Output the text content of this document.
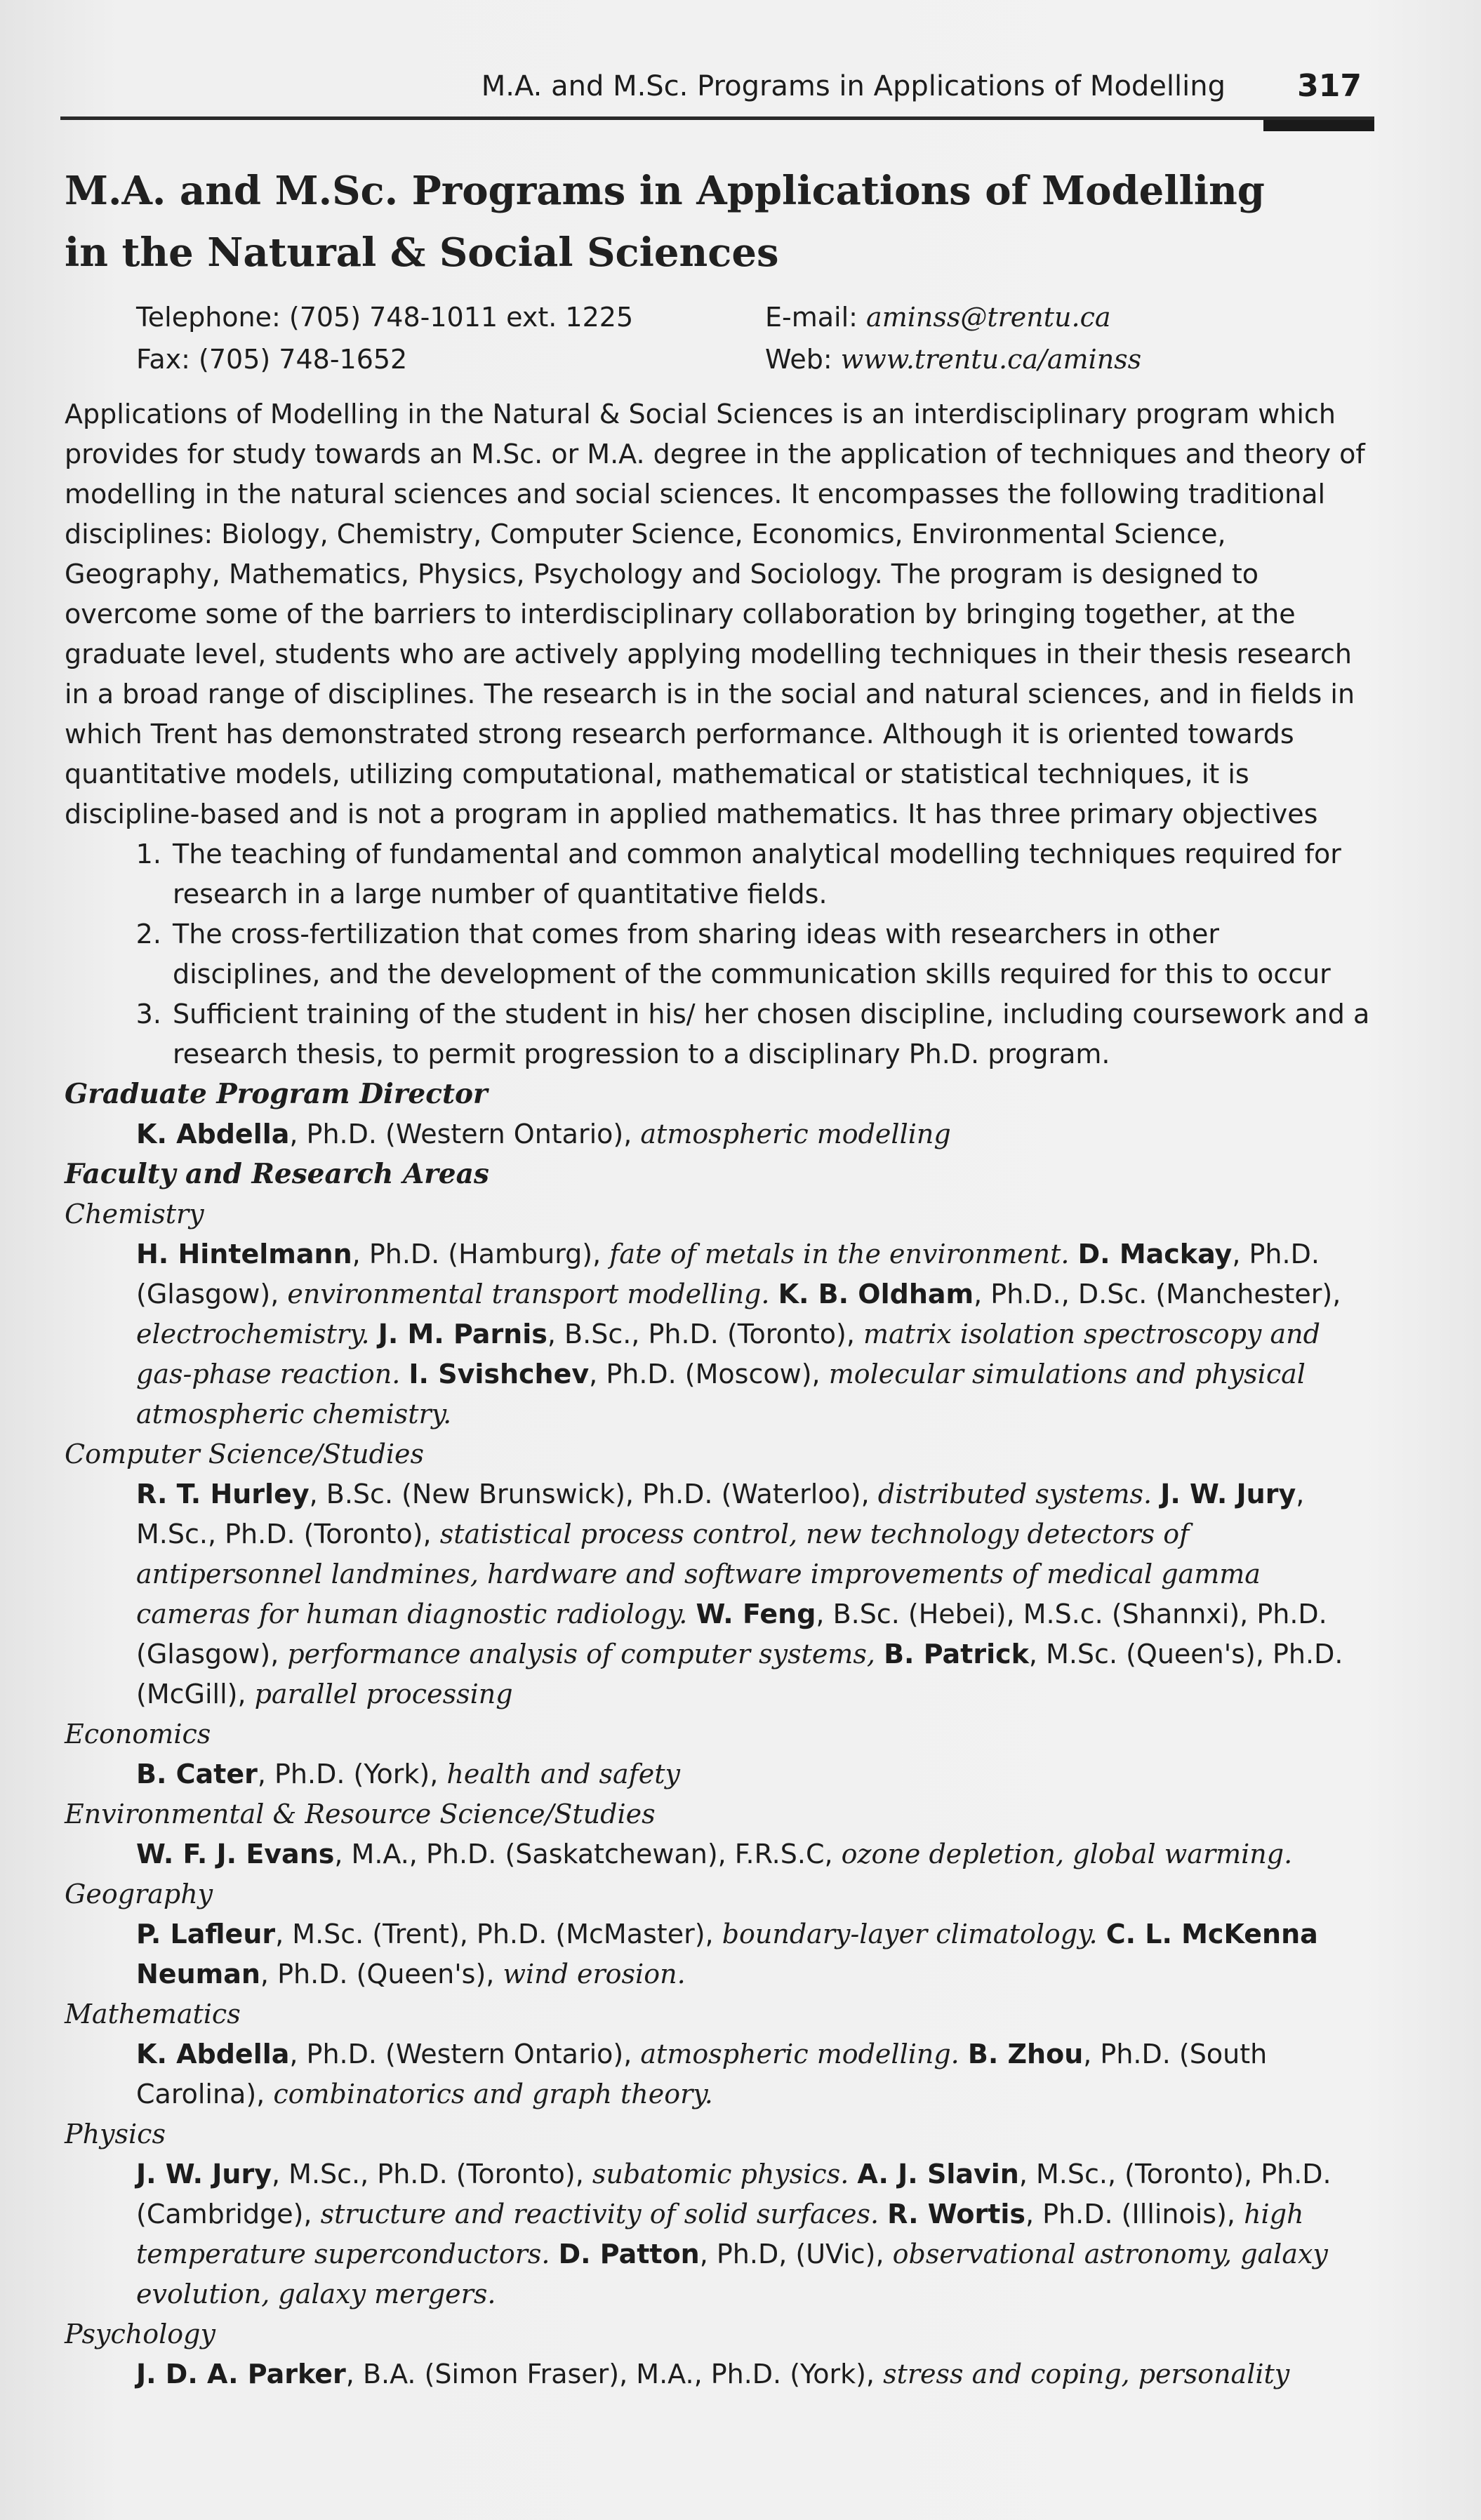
M.A. and M.Sc. Programs in Applications of Modelling 317
M.A. and M.Sc. Programs in Applications of Modelling
in the Natural & Social Sciences
Telephone: (705) 748-1011 ext. 1225
Fax: (705) 748-1652
E-mail: aminss@trentu.ca
Web: www.trentu.ca/aminss

Applications of Modelling in the Natural & Social Sciences is an interdisciplinary program which provides for study towards an M.Sc. or M.A. degree in the application of techniques and theory of modelling in the natural sciences and social sciences. It encompasses the following traditional disciplines: Biology, Chemistry, Computer Science, Economics, Environmental Science, Geography, Mathematics, Physics, Psychology and Sociology. The program is designed to overcome some of the barriers to interdisciplinary collaboration by bringing together, at the graduate level, students who are actively applying modelling techniques in their thesis research in a broad range of disciplines. The research is in the social and natural sciences, and in fields in which Trent has demonstrated strong research performance. Although it is oriented towards quantitative models, utilizing computational, mathematical or statistical techniques, it is discipline-based and is not a program in applied mathematics. It has three primary objectives

1. The teaching of fundamental and common analytical modelling techniques required for research in a large number of quantitative fields.
2. The cross-fertilization that comes from sharing ideas with researchers in other disciplines, and the development of the communication skills required for this to occur
3. Sufficient training of the student in his/ her chosen discipline, including coursework and a research thesis, to permit progression to a disciplinary Ph.D. program.
Graduate Program Director
K. Abdella, Ph.D. (Western Ontario), atmospheric modelling
Faculty and Research Areas
Chemistry
H. Hintelmann, Ph.D. (Hamburg), fate of metals in the environment. D. Mackay, Ph.D. (Glasgow), environmental transport modelling. K. B. Oldham, Ph.D., D.Sc. (Manchester), electrochemistry. J. M. Parnis, B.Sc., Ph.D. (Toronto), matrix isolation spectroscopy and gas-phase reaction. I. Svishchev, Ph.D. (Moscow), molecular simulations and physical atmospheric chemistry.
Computer Science/Studies
R. T. Hurley, B.Sc. (New Brunswick), Ph.D. (Waterloo), distributed systems. J. W. Jury, M.Sc., Ph.D. (Toronto), statistical process control, new technology detectors of antipersonnel landmines, hardware and software improvements of medical gamma cameras for human diagnostic radiology. W. Feng, B.Sc. (Hebei), M.S.c. (Shannxi), Ph.D. (Glasgow), performance analysis of computer systems, B. Patrick, M.Sc. (Queen's), Ph.D. (McGill), parallel processing
Economics
B. Cater, Ph.D. (York), health and safety
Environmental & Resource Science/Studies
W. F. J. Evans, M.A., Ph.D. (Saskatchewan), F.R.S.C, ozone depletion, global warming.
Geography
P. Lafleur, M.Sc. (Trent), Ph.D. (McMaster), boundary-layer climatology. C. L. McKenna Neuman, Ph.D. (Queen's), wind erosion.
Mathematics
K. Abdella, Ph.D. (Western Ontario), atmospheric modelling. B. Zhou, Ph.D. (South Carolina), combinatorics and graph theory.
Physics
J. W. Jury, M.Sc., Ph.D. (Toronto), subatomic physics. A. J. Slavin, M.Sc., (Toronto), Ph.D. (Cambridge), structure and reactivity of solid surfaces. R. Wortis, Ph.D. (Illinois), high temperature superconductors. D. Patton, Ph.D, (UVic), observational astronomy, galaxy evolution, galaxy mergers.
Psychology
J. D. A. Parker, B.A. (Simon Fraser), M.A., Ph.D. (York), stress and coping, personality
